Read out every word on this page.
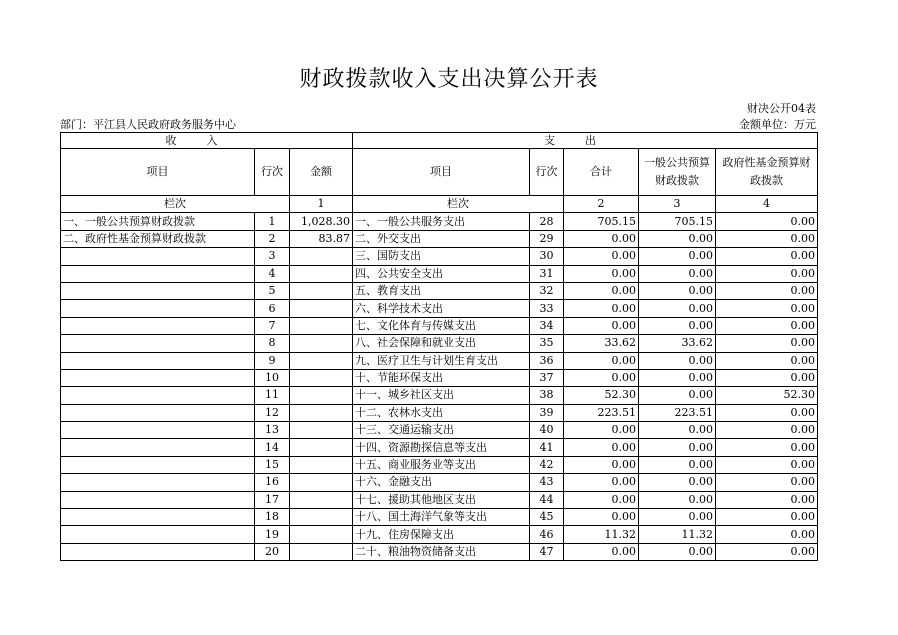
财政拨款收入支出决算公开表
财决公开04表
部门：平江县人民政府政务服务中心	金额单位：万元
收入			支出				
项目	行次	金额	项目	行次	合计	一般公共预算财政拨款	政府性基金预算财政拨款
栏次		1	栏次		2	3	4
一、一般公共预算财政拨款	1	1,028.30	一、一般公共服务支出	28	705.15	705.15	0.00
二、政府性基金预算财政拨款	2	83.87	二、外交支出	29	0.00	0.00	0.00
	3		三、国防支出	30	0.00	0.00	0.00
	4		四、公共安全支出	31	0.00	0.00	0.00
	5		五、教育支出	32	0.00	0.00	0.00
	6		六、科学技术支出	33	0.00	0.00	0.00
	7		七、文化体育与传媒支出	34	0.00	0.00	0.00
	8		八、社会保障和就业支出	35	33.62	33.62	0.00
	9		九、医疗卫生与计划生育支出	36	0.00	0.00	0.00
	10		十、节能环保支出	37	0.00	0.00	0.00
	11		十一、城乡社区支出	38	52.30	0.00	52.30
	12		十二、农林水支出	39	223.51	223.51	0.00
	13		十三、交通运输支出	40	0.00	0.00	0.00
	14		十四、资源勘探信息等支出	41	0.00	0.00	0.00
	15		十五、商业服务业等支出	42	0.00	0.00	0.00
	16		十六、金融支出	43	0.00	0.00	0.00
	17		十七、援助其他地区支出	44	0.00	0.00	0.00
	18		十八、国土海洋气象等支出	45	0.00	0.00	0.00
	19		十九、住房保障支出	46	11.32	11.32	0.00
	20		二十、粮油物资储备支出	47	0.00	0.00	0.00
